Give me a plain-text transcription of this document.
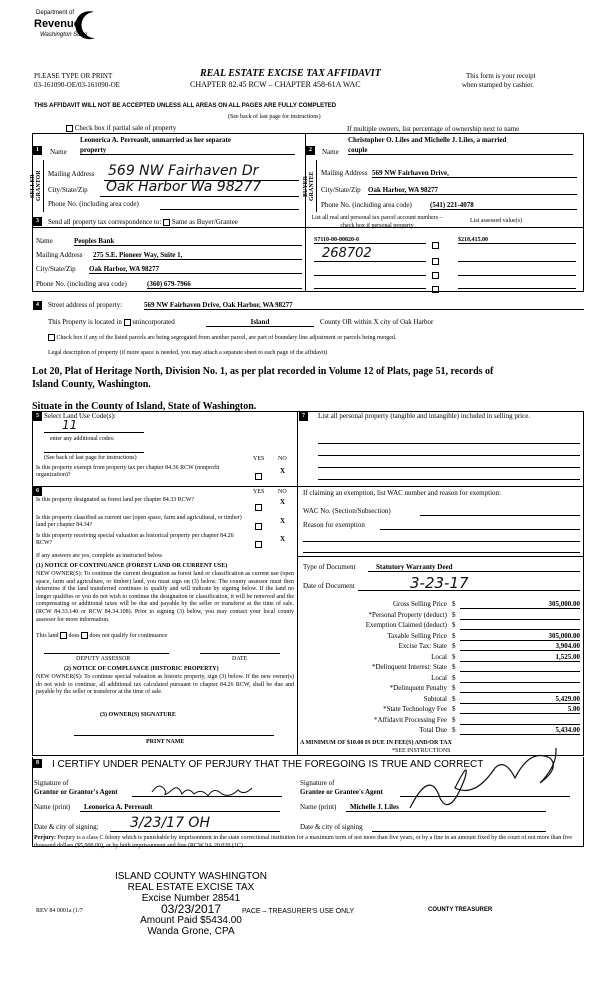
Department of
Revenue
Washington State
PLEASE TYPE OR PRINT
03-161090-OE/03-161090-OE
REAL ESTATE EXCISE TAX AFFIDAVIT
CHAPTER 82.45 RCW – CHAPTER 458-61A WAC
This form is your receipt
when stamped by cashier.
THIS AFFIDAVIT WILL NOT BE ACCEPTED UNLESS ALL AREAS ON ALL PAGES ARE FULLY COMPLETED
(See back of last page for instructions)
Check box if partial sale of property	If multiple owners, list percentage of ownership next to name
1	2
SELLER GRANTOR	BUYER GRANTEE
Name
Leonorica A. Perreault, unmarried as her separate
property
Mailing Address 569 NW Fairhaven Dr
City/State/Zip Oak Harbor Wa 98277
Phone No. (including area code)
Name
Christopher O. Liles and Michelle J. Liles, a married
couple
Mailing Address 569 NW Fairhaven Drive,
City/State/Zip Oak Harbor, WA 98277
Phone No. (including area code)	(541) 221-4078
3	Send all property tax correspondence to: Same as Buyer/Grantee
Name	Peoples Bank
Mailing Address 275 S.E. Pioneer Way, Suite 1,
City/State/Zip Oak Harbor, WA 98277
Phone No. (including area code)	(360) 679-7966
List all real and personal tax parcel account numbers – check box if personal property
List assessed value(s)
S7110-00-00020-0	$218,415.00
268702
4	Street address of property:	569 NW Fairhaven Drive, Oak Harbor, WA 98277
This Property is located in unincorporated	Island	County OR within X city of Oak Harbor
Check box if any of the listed parcels are being segregated from another parcel, are part of boundary line adjustment or parcels being merged.
Legal description of property (if more space is needed, you may attach a separate sheet to each page of the affidavit)
Lot 20, Plat of Heritage North, Division No. 1, as per plat recorded in Volume 12 of Plats, page 51, records of
Island County, Washington.
Situate in the County of Island, State of Washington.
5 Select Land Use Code(s):
11
enter any additional codes:
(See back of last page for instructions)	YES NO
Is this property exempt from property tax per chapter 84.36 RCW (nonprofit organization)?	X
6	YES NO
Is this property designated as forest land per chapter 84.33 RCW?	X
Is this property classified as current use (open space, farm and agricultural, or timber) land per chapter 84.34?	X
Is this property receiving special valuation as historical property per chapter 84.26 RCW?	X
If any answers are yes, complete as instructed below.
(1) NOTICE OF CONTINUANCE (FOREST LAND OR CURRENT USE)
NEW OWNER(S): To continue the current designation as forest land or classification as current use (open space, farm and agriculture, or timber) land, you must sign on (3) below. The county assessor must then determine if the land transferred continues to qualify and will indicate by signing below. If the land no longer qualifies or you do not wish to continue the designation or classification, it will be removed and the compensating or additional taxes will be due and payable by the seller or transferor at the time of sale. (RCW 84.33.140 or RCW 84.34.108). Prior to signing (3) below, you may contact your local county assessor for more information.
This land does does not qualify for continuance
DEPUTY ASSESSOR	DATE
(2) NOTICE OF COMPLIANCE (HISTORIC PROPERTY)
NEW OWNER(S): To continue special valuation as historic property, sign (3) below. If the new owner(s) do not wish to continue, all additional tax calculated pursuant to chapter 84.26 RCW, shall be due and payable by the seller or transferor at the time of sale.
(3) OWNER(S) SIGNATURE
PRINT NAME
7	List all personal property (tangible and intangible) included in selling price.
If claiming an exemption, list WAC number and reason for exemption:
WAC No. (Section/Subsection)
Reason for exemption
Type of Document	Statutory Warranty Deed
Date of Document	3-23-17
Gross Selling Price $	305,000.00
*Personal Property (deduct) $
Exemption Claimed (deduct) $
Taxable Selling Price $	305,000.00
Excise Tax: State $	3,904.00
Local $	1,525.00
*Delinquent Interest: State $
Local $
*Delinquent Penalty $
Subtotal $	5,429.00
*State Technology Fee $	5.00
*Affidavit Processing Fee $
Total Due $	5,434.00
A MINIMUM OF $10.00 IS DUE IN FEE(S) AND/OR TAX
*SEE INSTRUCTIONS
8	I CERTIFY UNDER PENALTY OF PERJURY THAT THE FOREGOING IS TRUE AND CORRECT
Signature of
Grantor or Grantor's Agent
Signature of
Grantee or Grantee's Agent
Name (print)	Leonorica A. Perreault	Name (print)	Michelle J. Liles
Date & city of signing: 3/23/17 OH	Date & city of signing
Perjury: Perjury is a class C felony which is punishable by imprisonment in the state correctional institution for a maximum term of not more than five years, or by a fine in an amount fixed by the court of not more than five thousand dollars ($5,000.00), or by both imprisonment and fine (RCW 9A.20.020 (1C).
REV 84 0001a (1/7	PACE – TREASURER'S USE ONLY	COUNTY TREASURER
ISLAND COUNTY WASHINGTON
REAL ESTATE EXCISE TAX
Excise Number 28541
03/23/2017
Amount Paid $5434.00
Wanda Grone, CPA
